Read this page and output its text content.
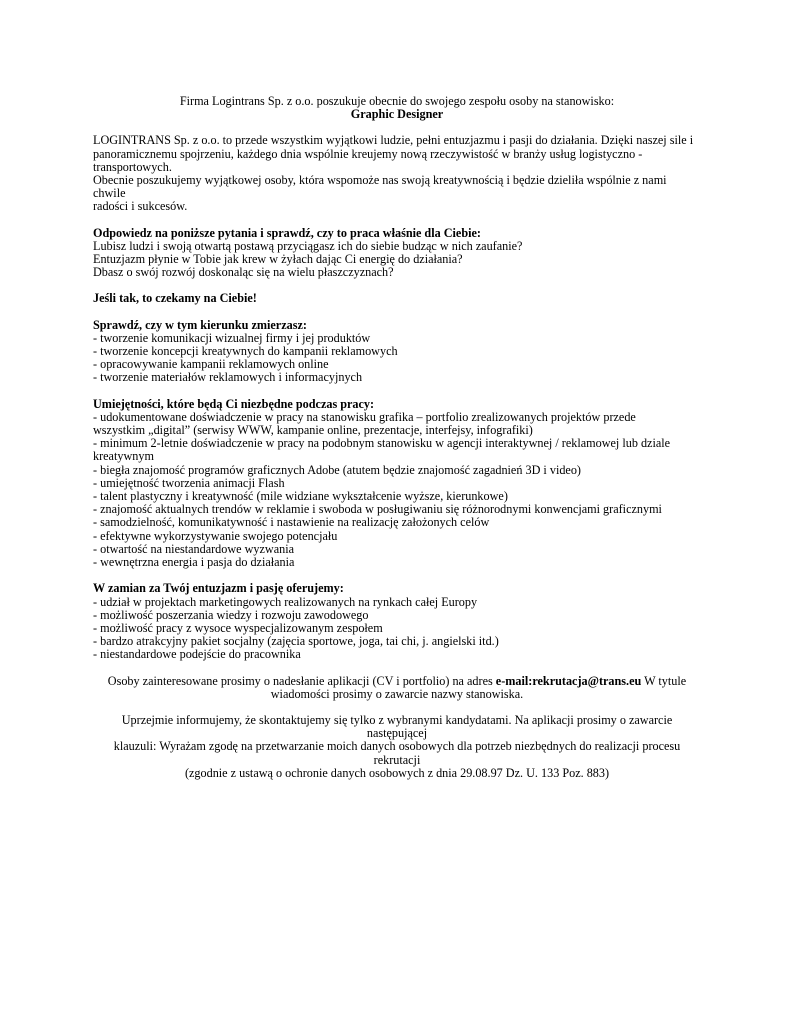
Firma Logintrans Sp. z o.o. poszukuje obecnie do swojego zespołu osoby na stanowisko:

Graphic Designer

LOGINTRANS Sp. z o.o. to przede wszystkim wyjątkowi ludzie, pełni entuzjazmu i pasji do działania. Dzięki naszej sile i
panoramicznemu spojrzeniu, każdego dnia wspólnie kreujemy nową rzeczywistość w branży usług logistyczno - transportowych.
Obecnie poszukujemy wyjątkowej osoby, która wspomoże nas swoją kreatywnością i będzie dzieliła wspólnie z nami chwile
radości i sukcesów.

Odpowiedz na poniższe pytania i sprawdź, czy to praca właśnie dla Ciebie:

Lubisz ludzi i swoją otwartą postawą przyciągasz ich do siebie budząc w nich zaufanie?

Entuzjazm płynie w Tobie jak krew w żyłach dając Ci energię do działania?

Dbasz o swój rozwój doskonaląc się na wielu płaszczyznach?

Jeśli tak, to czekamy na Ciebie!

Sprawdź, czy w tym kierunku zmierzasz:

- tworzenie komunikacji wizualnej firmy i jej produktów
- tworzenie koncepcji kreatywnych do kampanii reklamowych
- opracowywanie kampanii reklamowych online
- tworzenie materiałów reklamowych i informacyjnych

Umiejętności, które będą Ci niezbędne podczas pracy:

- udokumentowane doświadczenie w pracy na stanowisku grafika – portfolio zrealizowanych projektów przede
wszystkim „digital” (serwisy WWW, kampanie online, prezentacje, interfejsy, infografiki)
- minimum 2-letnie doświadczenie w pracy na podobnym stanowisku w agencji interaktywnej / reklamowej lub dziale
kreatywnym
- biegła znajomość programów graficznych Adobe (atutem będzie znajomość zagadnień 3D i video)
- umiejętność tworzenia animacji Flash
- talent plastyczny i kreatywność (mile widziane wykształcenie wyższe, kierunkowe)
- znajomość aktualnych trendów w reklamie i swoboda w posługiwaniu się różnorodnymi konwencjami graficznymi
- samodzielność, komunikatywność i nastawienie na realizację założonych celów
- efektywne wykorzystywanie swojego potencjału
- otwartość na niestandardowe wyzwania
- wewnętrzna energia i pasja do działania

W zamian za Twój entuzjazm i pasję oferujemy:

- udział w projektach marketingowych realizowanych na rynkach całej Europy
- możliwość poszerzania wiedzy i rozwoju zawodowego
- możliwość pracy z wysoce wyspecjalizowanym zespołem
- bardzo atrakcyjny pakiet socjalny (zajęcia sportowe, joga, tai chi, j. angielski itd.)
- niestandardowe podejście do pracownika
Osoby zainteresowane prosimy o nadesłanie aplikacji (CV i portfolio) na adres e-mail:rekrutacja@trans.eu W tytule
wiadomości prosimy o zawarcie nazwy stanowiska.
Uprzejmie informujemy, że skontaktujemy się tylko z wybranymi kandydatami. Na aplikacji prosimy o zawarcie następującej
klauzuli: Wyrażam zgodę na przetwarzanie moich danych osobowych dla potrzeb niezbędnych do realizacji procesu rekrutacji
(zgodnie z ustawą o ochronie danych osobowych z dnia 29.08.97 Dz. U. 133 Poz. 883)
